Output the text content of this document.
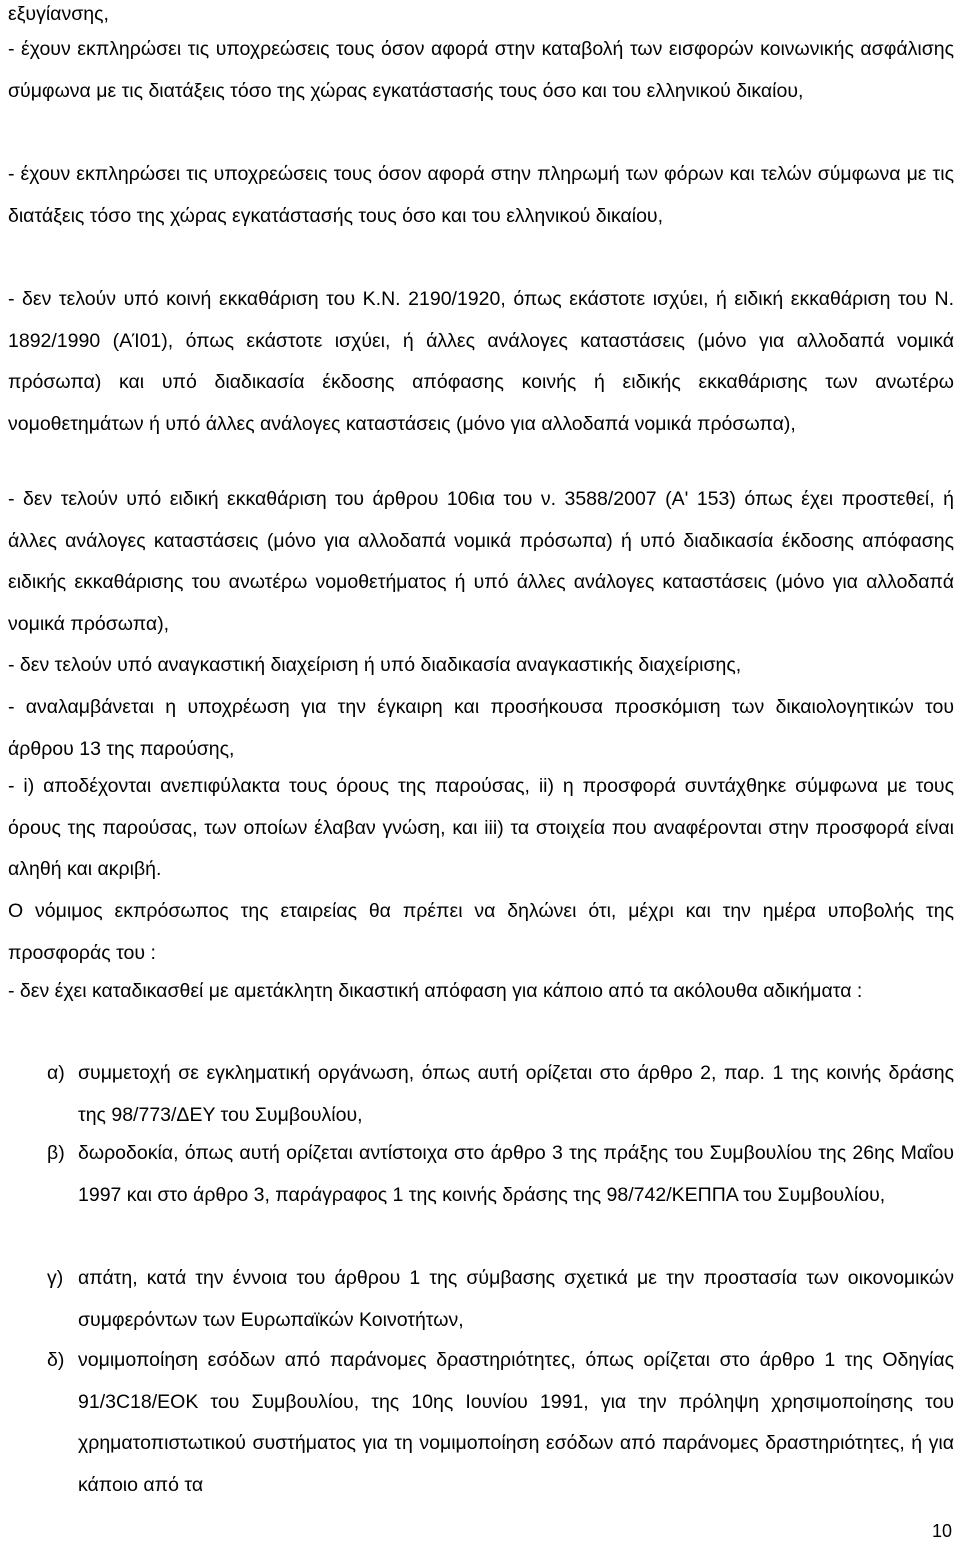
εξυγίανσης,
- έχουν εκπληρώσει τις υποχρεώσεις τους όσον αφορά στην καταβολή των εισφορών κοινωνικής ασφάλισης σύμφωνα με τις διατάξεις τόσο της χώρας εγκατάστασής τους όσο και του ελληνικού δικαίου,
- έχουν εκπληρώσει τις υποχρεώσεις τους όσον αφορά στην πληρωμή των φόρων και τελών σύμφωνα με τις διατάξεις τόσο της χώρας εγκατάστασής τους όσο και του ελληνικού δικαίου,
- δεν τελούν υπό κοινή εκκαθάριση του Κ.Ν. 2190/1920, όπως εκάστοτε ισχύει, ή ειδική εκκαθάριση του Ν. 1892/1990 (ΑΊ01), όπως εκάστοτε ισχύει, ή άλλες ανάλογες καταστάσεις (μόνο για αλλοδαπά νομικά πρόσωπα) και υπό διαδικασία έκδοσης απόφασης κοινής ή ειδικής εκκαθάρισης των ανωτέρω νομοθετημάτων ή υπό άλλες ανάλογες καταστάσεις (μόνο για αλλοδαπά νομικά πρόσωπα),
- δεν τελούν υπό ειδική εκκαθάριση του άρθρου 106ια του ν. 3588/2007 (Α' 153) όπως έχει προστεθεί, ή άλλες ανάλογες καταστάσεις (μόνο για αλλοδαπά νομικά πρόσωπα) ή υπό διαδικασία έκδοσης απόφασης ειδικής εκκαθάρισης του ανωτέρω νομοθετήματος ή υπό άλλες ανάλογες καταστάσεις (μόνο για αλλοδαπά νομικά πρόσωπα),
- δεν τελούν υπό αναγκαστική διαχείριση ή υπό διαδικασία αναγκαστικής διαχείρισης,
- αναλαμβάνεται η υποχρέωση για την έγκαιρη και προσήκουσα προσκόμιση των δικαιολογητικών του άρθρου 13 της παρούσης,
- i) αποδέχονται ανεπιφύλακτα τους όρους της παρούσας, ii) η προσφορά συντάχθηκε σύμφωνα με τους όρους της παρούσας, των οποίων έλαβαν γνώση, και iii) τα στοιχεία που αναφέρονται στην προσφορά είναι αληθή και ακριβή.
Ο νόμιμος εκπρόσωπος της εταιρείας θα πρέπει να δηλώνει ότι, μέχρι και την ημέρα υποβολής της προσφοράς του :
- δεν έχει καταδικασθεί με αμετάκλητη δικαστική απόφαση για κάποιο από τα ακόλουθα αδικήματα :
α) συμμετοχή σε εγκληματική οργάνωση, όπως αυτή ορίζεται στο άρθρο 2, παρ. 1 της κοινής δράσης της 98/773/ΔΕΥ του Συμβουλίου,
β) δωροδοκία, όπως αυτή ορίζεται αντίστοιχα στο άρθρο 3 της πράξης του Συμβουλίου της 26ης Μαΐου 1997 και στο άρθρο 3, παράγραφος 1 της κοινής δράσης της 98/742/ΚΕΠΠΑ του Συμβουλίου,
γ) απάτη, κατά την έννοια του άρθρου 1 της σύμβασης σχετικά με την προστασία των οικονομικών συμφερόντων των Ευρωπαϊκών Κοινοτήτων,
δ) νομιμοποίηση εσόδων από παράνομες δραστηριότητες, όπως ορίζεται στο άρθρο 1 της Οδηγίας 91/3C18/ΕΟΚ του Συμβουλίου, της 10ης Ιουνίου 1991, για την πρόληψη χρησιμοποίησης του χρηματοπιστωτικού συστήματος για τη νομιμοποίηση εσόδων από παράνομες δραστηριότητες, ή για κάποιο από τα
10
